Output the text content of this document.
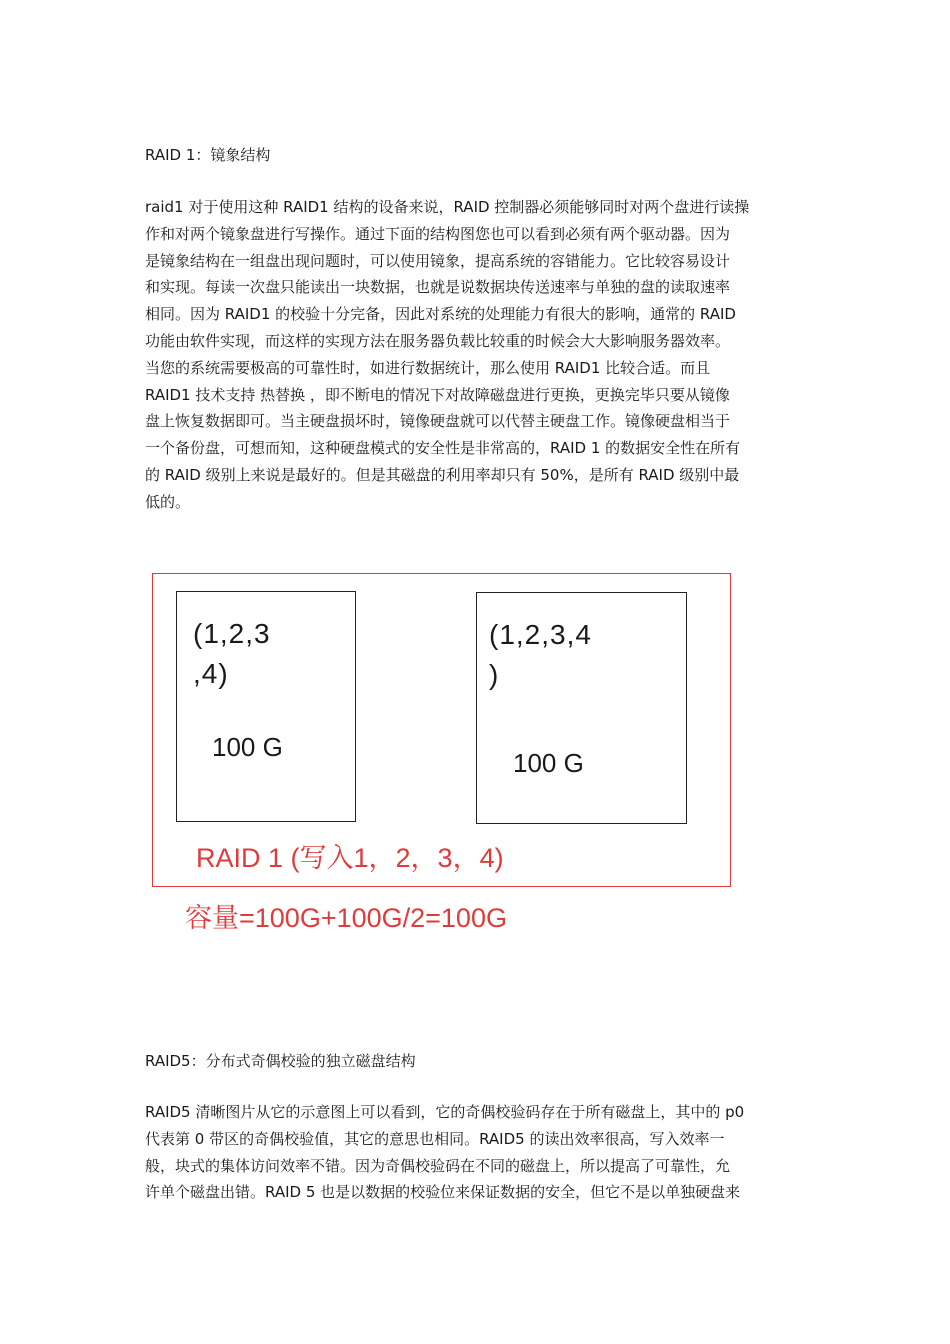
RAID 1：镜象结构
raid1 对于使用这种 RAID1 结构的设备来说，RAID 控制器必须能够同时对两个盘进行读操
作和对两个镜象盘进行写操作。通过下面的结构图您也可以看到必须有两个驱动器。因为
是镜象结构在一组盘出现问题时，可以使用镜象，提高系统的容错能力。它比较容易设计
和实现。每读一次盘只能读出一块数据，也就是说数据块传送速率与单独的盘的读取速率
相同。因为 RAID1 的校验十分完备，因此对系统的处理能力有很大的影响，通常的 RAID
功能由软件实现，而这样的实现方法在服务器负载比较重的时候会大大影响服务器效率。
当您的系统需要极高的可靠性时，如进行数据统计，那么使用 RAID1 比较合适。而且
RAID1 技术支持 热替换 ，即不断电的情况下对故障磁盘进行更换，更换完毕只要从镜像
盘上恢复数据即可。当主硬盘损坏时，镜像硬盘就可以代替主硬盘工作。镜像硬盘相当于
一个备份盘，可想而知，这种硬盘模式的安全性是非常高的，RAID 1 的数据安全性在所有
的 RAID 级别上来说是最好的。但是其磁盘的利用率却只有 50%，是所有 RAID 级别中最
低的。
(1,2,3
,4)
100 G
(1,2,3,4
)
100 G
RAID 1 (写入1，2，3，4)
容量=100G+100G/2=100G
RAID5：分布式奇偶校验的独立磁盘结构
RAID5 清晰图片从它的示意图上可以看到，它的奇偶校验码存在于所有磁盘上，其中的 p0
代表第 0 带区的奇偶校验值，其它的意思也相同。RAID5 的读出效率很高，写入效率一
般，块式的集体访问效率不错。因为奇偶校验码在不同的磁盘上，所以提高了可靠性，允
许单个磁盘出错。RAID 5 也是以数据的校验位来保证数据的安全，但它不是以单独硬盘来
